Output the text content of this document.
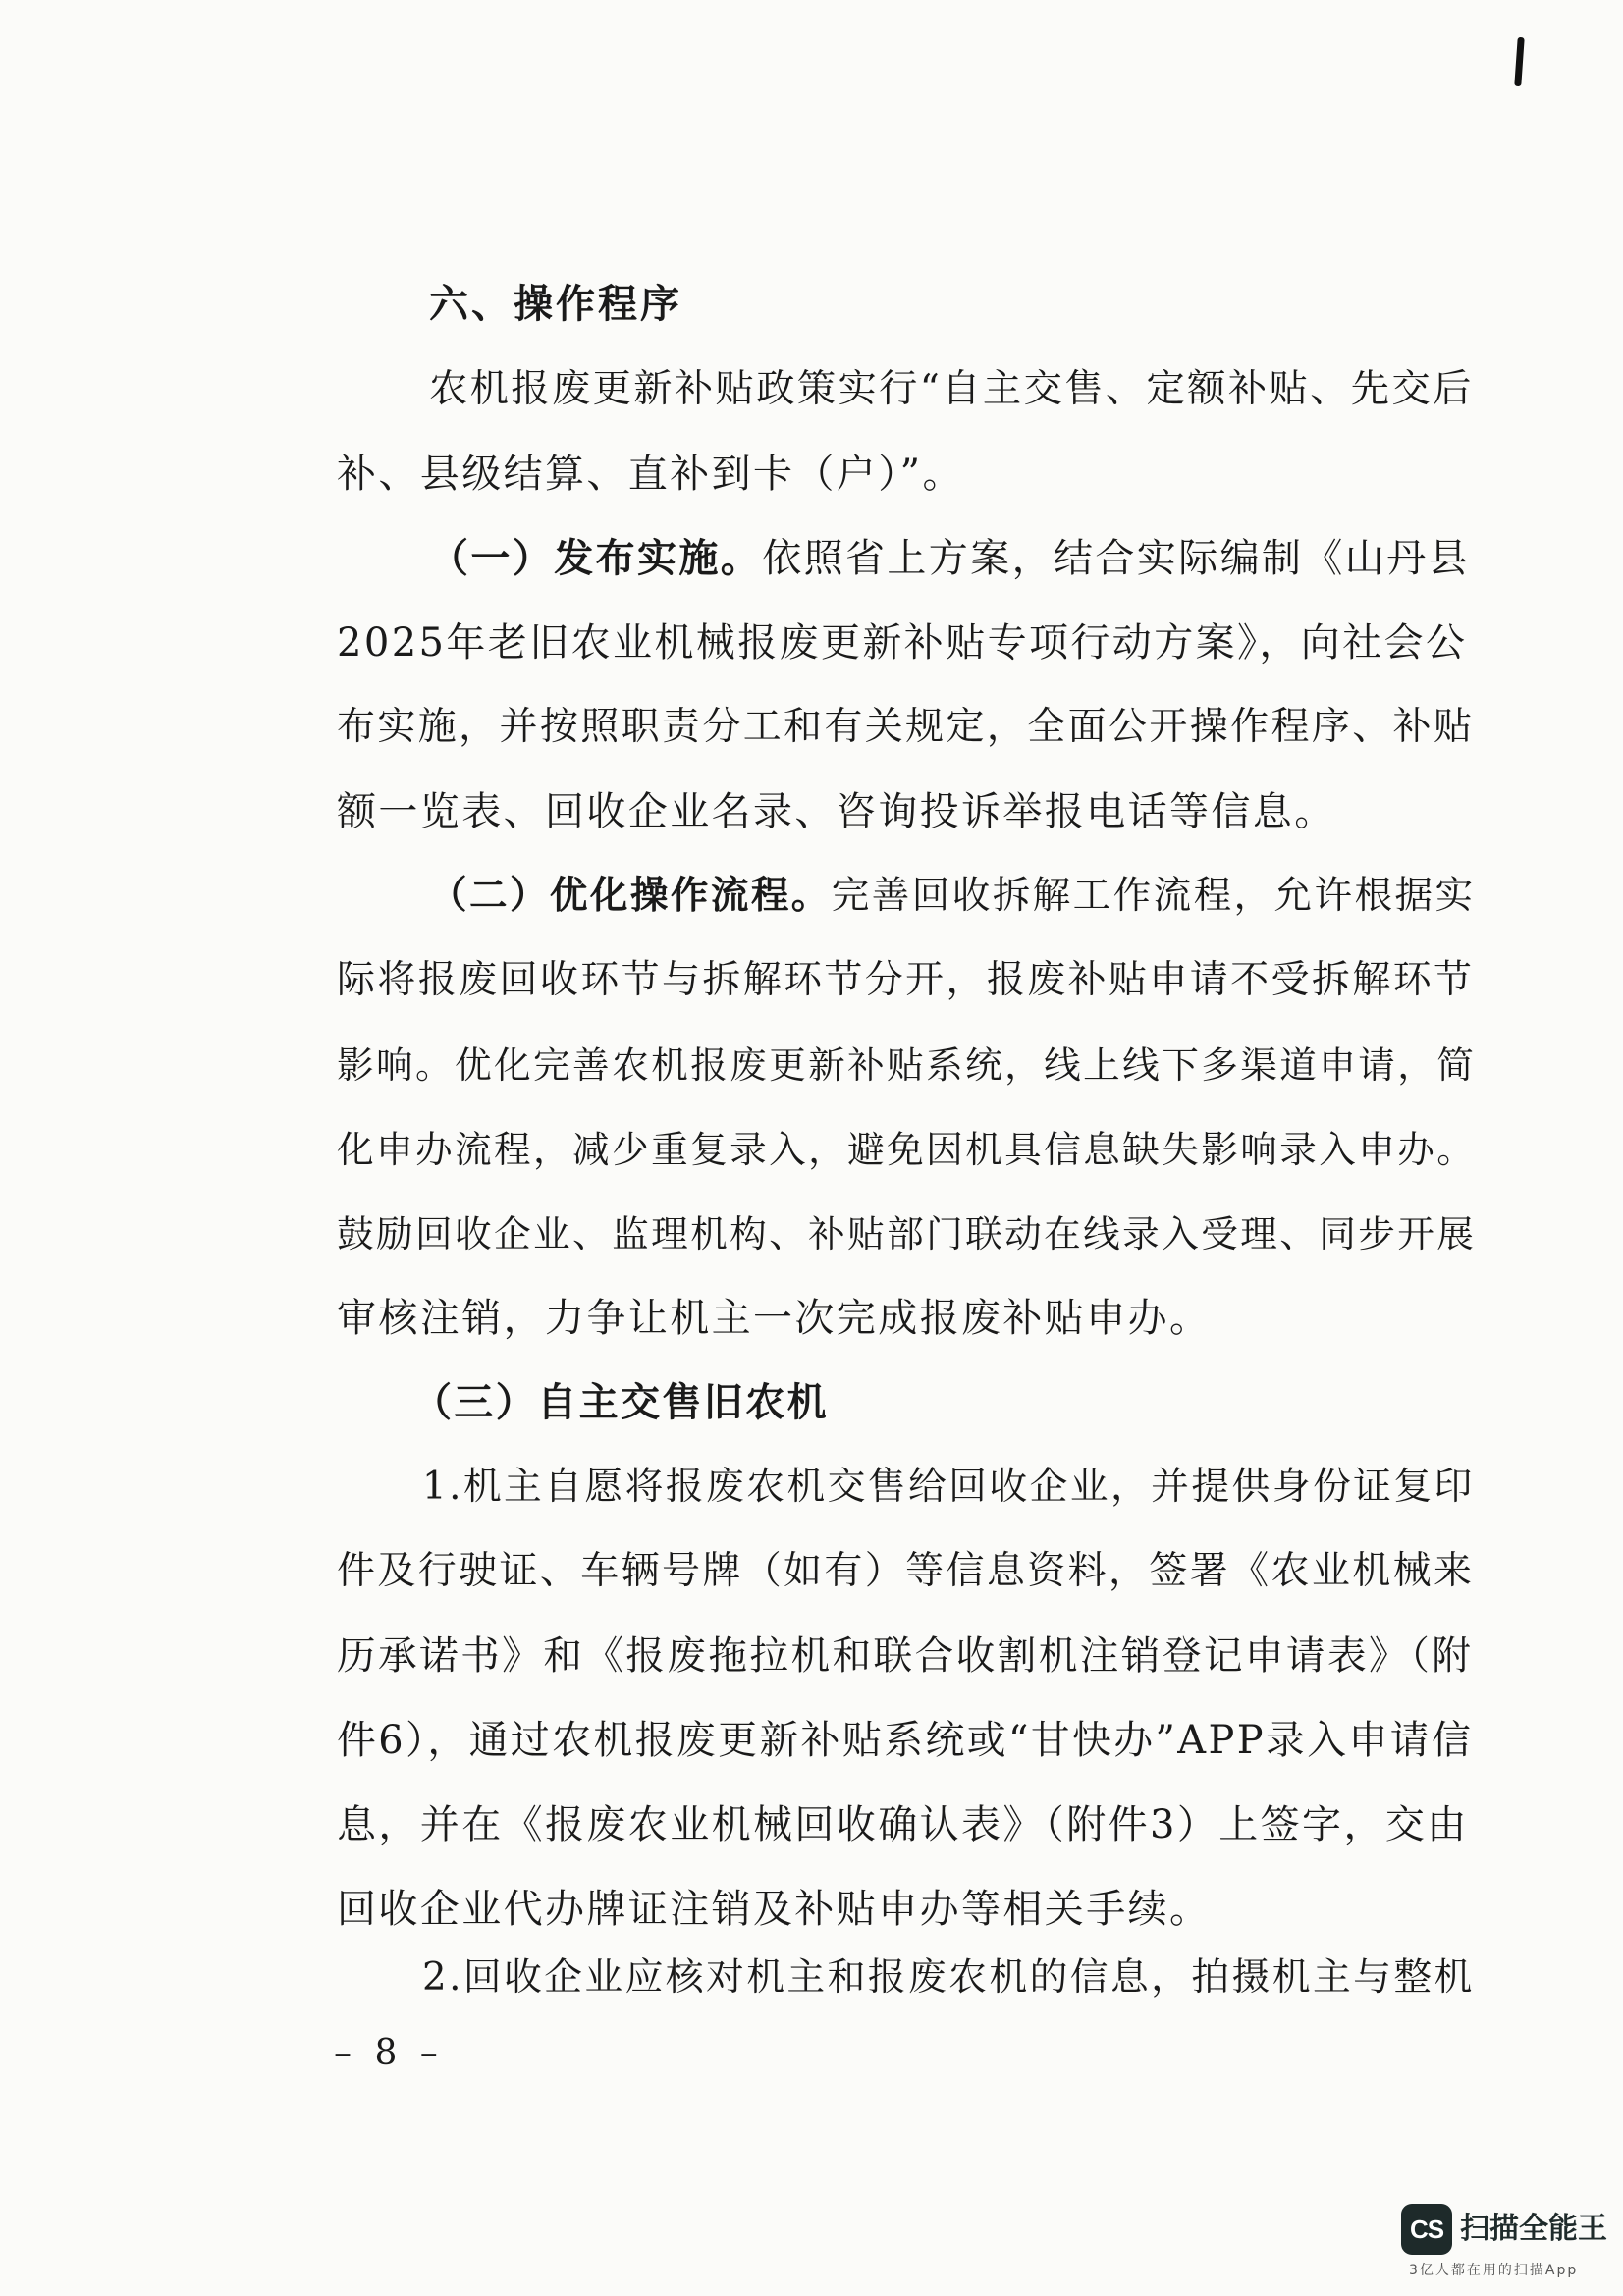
六、操作程序
农机报废更新补贴政策实行“自主交售、定额补贴、先交后
补、县级结算、直补到卡（户）”。
（一）发布实施。依照省上方案，结合实际编制《山丹县
2025年老旧农业机械报废更新补贴专项行动方案》，向社会公
布实施，并按照职责分工和有关规定，全面公开操作程序、补贴
额一览表、回收企业名录、咨询投诉举报电话等信息。
（二）优化操作流程。完善回收拆解工作流程，允许根据实
际将报废回收环节与拆解环节分开，报废补贴申请不受拆解环节
影响。优化完善农机报废更新补贴系统，线上线下多渠道申请，简
化申办流程，减少重复录入，避免因机具信息缺失影响录入申办。
鼓励回收企业、监理机构、补贴部门联动在线录入受理、同步开展
审核注销，力争让机主一次完成报废补贴申办。
（三）自主交售旧农机
1.机主自愿将报废农机交售给回收企业，并提供身份证复印
件及行驶证、车辆号牌（如有）等信息资料，签署《农业机械来
历承诺书》和《报废拖拉机和联合收割机注销登记申请表》（附
件6），通过农机报废更新补贴系统或“甘快办”APP录入申请信
息，并在《报废农业机械回收确认表》（附件3）上签字，交由
回收企业代办牌证注销及补贴申办等相关手续。
2.回收企业应核对机主和报废农机的信息，拍摄机主与整机
– 8 –
CS 扫描全能王
3亿人都在用的扫描App
